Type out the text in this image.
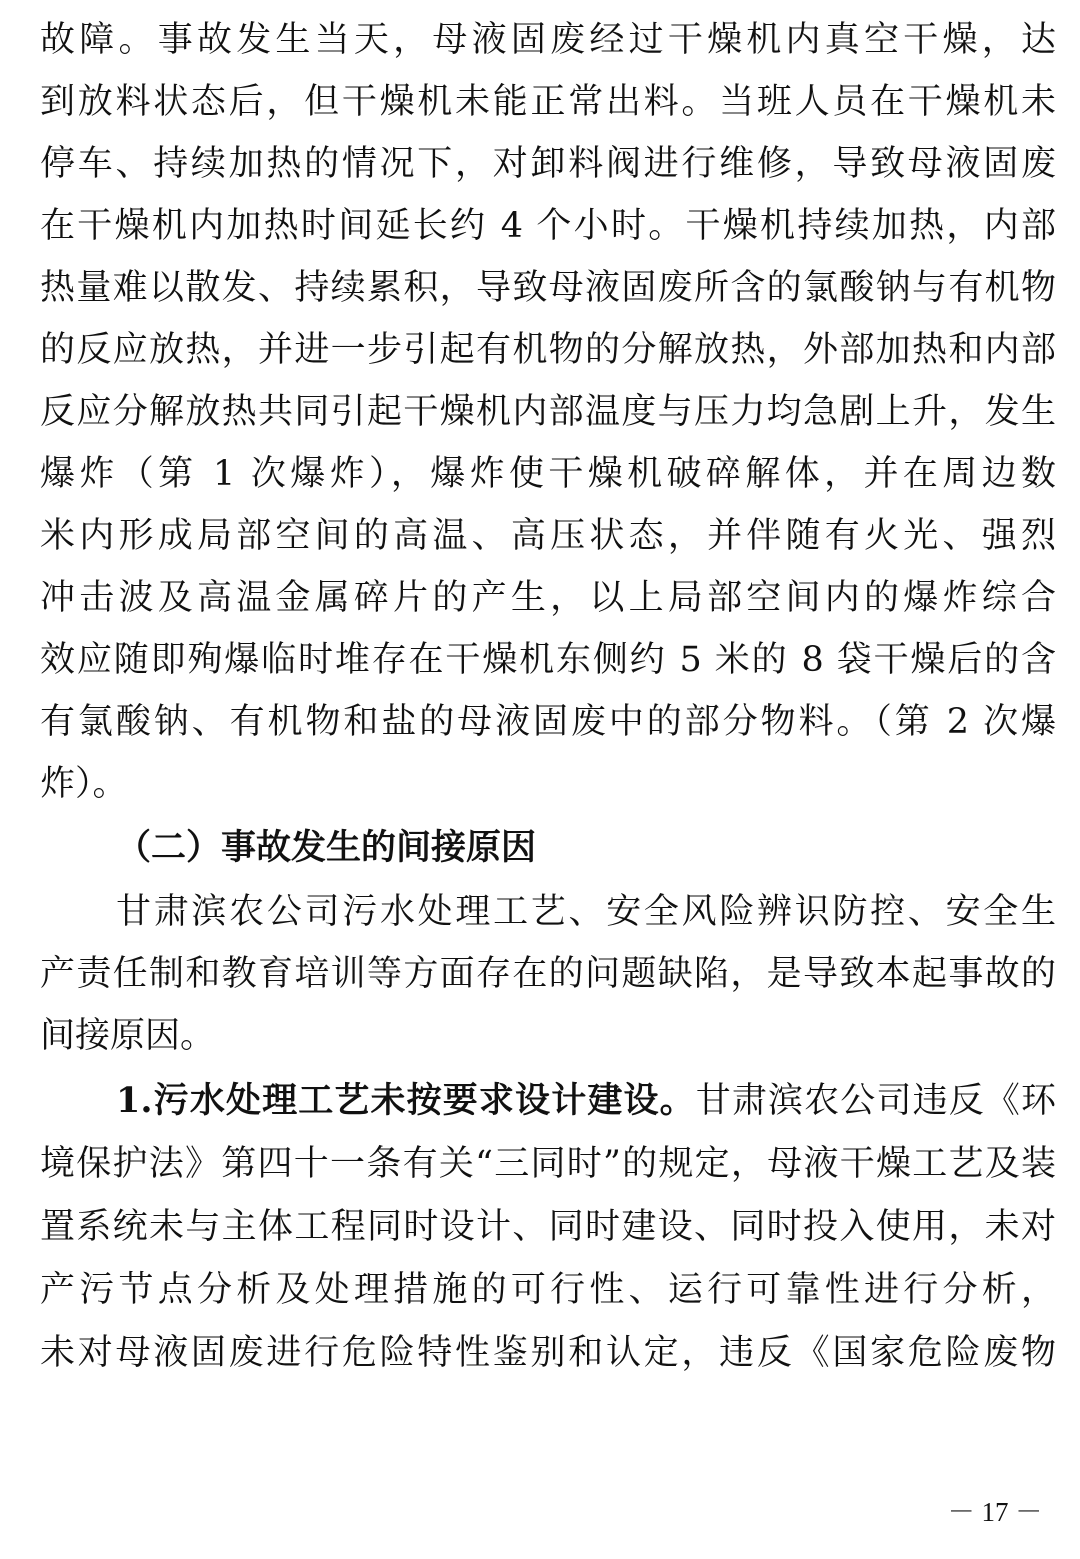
故障。事故发生当天，母液固废经过干燥机内真空干燥，达
到放料状态后，但干燥机未能正常出料。当班人员在干燥机未
停车、持续加热的情况下，对卸料阀进行维修，导致母液固废
在干燥机内加热时间延长约 4 个小时。干燥机持续加热，内部
热量难以散发、持续累积，导致母液固废所含的氯酸钠与有机物
的反应放热，并进一步引起有机物的分解放热，外部加热和内部
反应分解放热共同引起干燥机内部温度与压力均急剧上升，发生
爆炸（第 1 次爆炸），爆炸使干燥机破碎解体，并在周边数
米内形成局部空间的高温、高压状态，并伴随有火光、强烈
冲击波及高温金属碎片的产生，以上局部空间内的爆炸综合
效应随即殉爆临时堆存在干燥机东侧约 5 米的 8 袋干燥后的含
有氯酸钠、有机物和盐的母液固废中的部分物料。（第 2 次爆
炸）。
（二）事故发生的间接原因
甘肃滨农公司污水处理工艺、安全风险辨识防控、安全生
产责任制和教育培训等方面存在的问题缺陷，是导致本起事故的
间接原因。
1.污水处理工艺未按要求设计建设。甘肃滨农公司违反《环
境保护法》第四十一条有关“三同时”的规定，母液干燥工艺及装
置系统未与主体工程同时设计、同时建设、同时投入使用，未对
产污节点分析及处理措施的可行性、运行可靠性进行分析，
未对母液固废进行危险特性鉴别和认定，违反《国家危险废物
－ 17 －
